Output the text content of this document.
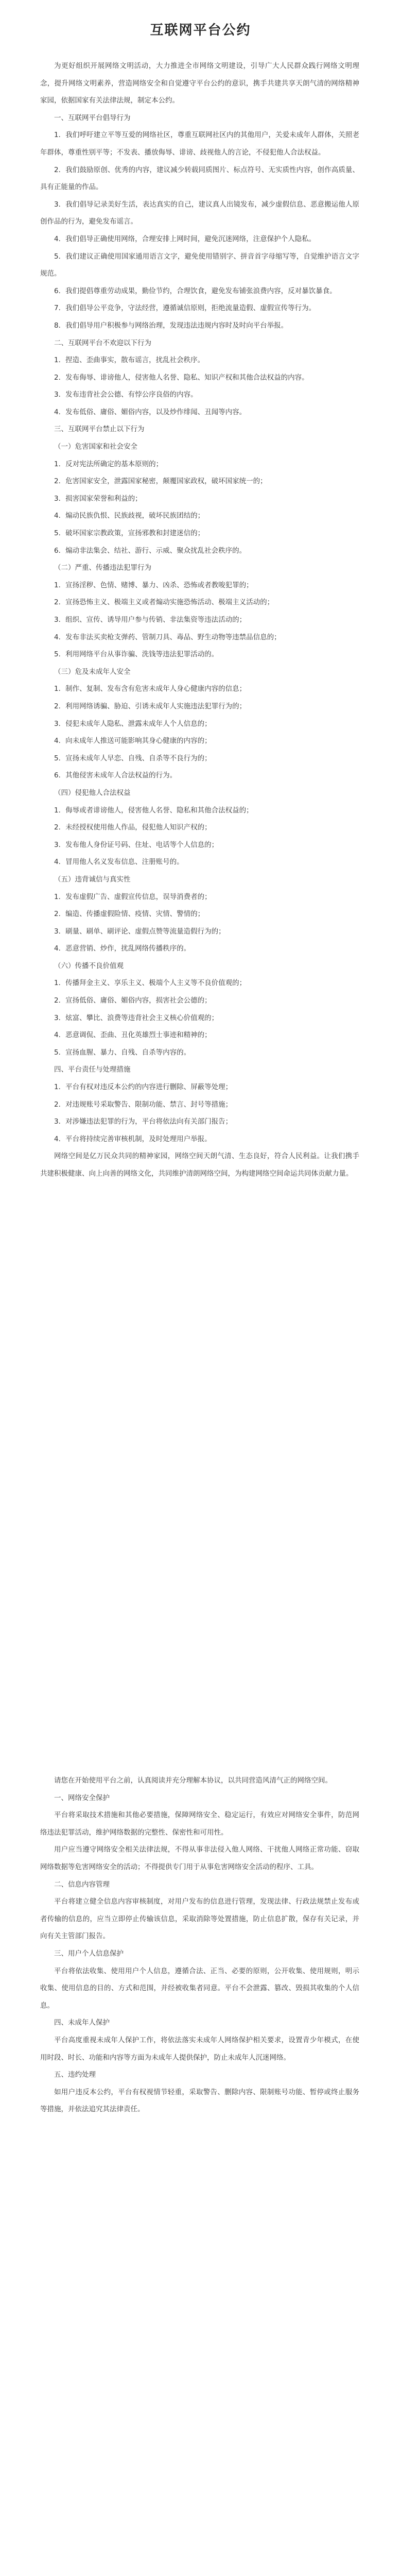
互联网平台公约

为更好组织开展网络文明活动，大力推进全市网络文明建设，引导广大人民群众践行网络文明理念，提升网络文明素养，营造网络安全和自觉遵守平台公约的意识，携手共建共享天朗气清的网络精神家园，依据国家有关法律法规，制定本公约。

一、互联网平台倡导行为

1．我们呼吁建立平等互爱的网络社区，尊重互联网社区内的其他用户，关爱未成年人群体，关照老年群体，尊重性别平等；不发表、播放侮辱、诽谤、歧视他人的言论，不侵犯他人合法权益。

2．我们鼓励原创、优秀的内容，建议减少转载同质图片、标点符号、无实质性内容，创作高质量、具有正能量的作品。

3．我们倡导记录美好生活，表达真实的自己，建议真人出镜发布，减少虚假信息、恶意搬运他人原创作品的行为，避免发布谣言。

4．我们倡导正确使用网络，合理安排上网时间，避免沉迷网络，注意保护个人隐私。

5．我们建议正确使用国家通用语言文字，避免使用错别字、拼音首字母缩写等，自觉维护语言文字规范。

6．我们提倡尊重劳动成果，勤俭节约，合理饮食，避免发布铺张浪费内容，反对暴饮暴食。

7．我们倡导公平竞争，守法经营，遵循诚信原则，拒绝流量造假、虚假宣传等行为。

8．我们倡导用户积极参与网络治理，发现违法违规内容时及时向平台举报。

二、互联网平台不欢迎以下行为

1．捏造、歪曲事实，散布谣言，扰乱社会秩序。

2．发布侮辱、诽谤他人，侵害他人名誉、隐私、知识产权和其他合法权益的内容。

3．发布违背社会公德、有悖公序良俗的内容。

4．发布低俗、庸俗、媚俗内容，以及炒作绯闻、丑闻等内容。

三、互联网平台禁止以下行为

（一）危害国家和社会安全

1．反对宪法所确定的基本原则的；

2．危害国家安全，泄露国家秘密，颠覆国家政权，破坏国家统一的；

3．损害国家荣誉和利益的；

4．煽动民族仇恨、民族歧视，破坏民族团结的；

5．破坏国家宗教政策，宣扬邪教和封建迷信的；

6．煽动非法集会、结社、游行、示威、聚众扰乱社会秩序的。

（二）严重、传播违法犯罪行为

1．宣扬淫秽、色情、赌博、暴力、凶杀、恐怖或者教唆犯罪的；

2．宣扬恐怖主义、极端主义或者煽动实施恐怖活动、极端主义活动的；

3．组织、宣传、诱导用户参与传销、非法集资等违法活动的；

4．发布非法买卖枪支弹药、管制刀具、毒品、野生动物等违禁品信息的；

5．利用网络平台从事诈骗、洗钱等违法犯罪活动的。

（三）危及未成年人安全

1．制作、复制、发布含有危害未成年人身心健康内容的信息；

2．利用网络诱骗、胁迫、引诱未成年人实施违法犯罪行为的；

3．侵犯未成年人隐私、泄露未成年人个人信息的；

4．向未成年人推送可能影响其身心健康的内容的；

5．宣扬未成年人早恋、自残、自杀等不良行为的；

6．其他侵害未成年人合法权益的行为。

（四）侵犯他人合法权益

1．侮辱或者诽谤他人，侵害他人名誉、隐私和其他合法权益的；

2．未经授权使用他人作品，侵犯他人知识产权的；

3．发布他人身份证号码、住址、电话等个人信息的；

4．冒用他人名义发布信息、注册账号的。

（五）违背诚信与真实性

1．发布虚假广告、虚假宣传信息，误导消费者的；

2．编造、传播虚假险情、疫情、灾情、警情的；

3．刷量、刷单、刷评论、虚假点赞等流量造假行为的；

4．恶意营销、炒作，扰乱网络传播秩序的。

（六）传播不良价值观

1．传播拜金主义、享乐主义、极端个人主义等不良价值观的；

2．宣扬低俗、庸俗、媚俗内容，损害社会公德的；

3．炫富、攀比、浪费等违背社会主义核心价值观的；

4．恶意调侃、歪曲、丑化英雄烈士事迹和精神的；

5．宣扬血腥、暴力、自残、自杀等内容的。

四、平台责任与处理措施

1．平台有权对违反本公约的内容进行删除、屏蔽等处理；

2．对违规账号采取警告、限制功能、禁言、封号等措施；

3．对涉嫌违法犯罪的行为，平台将依法向有关部门报告；

4．平台将持续完善审核机制，及时处理用户举报。

网络空间是亿万民众共同的精神家园，网络空间天朗气清、生态良好，符合人民利益。让我们携手共建积极健康、向上向善的网络文化，共同维护清朗网络空间，为构建网络空间命运共同体贡献力量。

请您在开始使用平台之前，认真阅读并充分理解本协议，以共同营造风清气正的网络空间。

一、网络安全保护

平台将采取技术措施和其他必要措施，保障网络安全、稳定运行，有效应对网络安全事件，防范网络违法犯罪活动，维护网络数据的完整性、保密性和可用性。

用户应当遵守网络安全相关法律法规，不得从事非法侵入他人网络、干扰他人网络正常功能、窃取网络数据等危害网络安全的活动；不得提供专门用于从事危害网络安全活动的程序、工具。

二、信息内容管理

平台将建立健全信息内容审核制度，对用户发布的信息进行管理，发现法律、行政法规禁止发布或者传输的信息的，应当立即停止传输该信息，采取消除等处置措施，防止信息扩散，保存有关记录，并向有关主管部门报告。

三、用户个人信息保护

平台将依法收集、使用用户个人信息，遵循合法、正当、必要的原则，公开收集、使用规则，明示收集、使用信息的目的、方式和范围，并经被收集者同意。平台不会泄露、篡改、毁损其收集的个人信息。

四、未成年人保护

平台高度重视未成年人保护工作，将依法落实未成年人网络保护相关要求，设置青少年模式，在使用时段、时长、功能和内容等方面为未成年人提供保护，防止未成年人沉迷网络。

五、违约处理

如用户违反本公约，平台有权视情节轻重，采取警告、删除内容、限制账号功能、暂停或终止服务等措施，并依法追究其法律责任。
